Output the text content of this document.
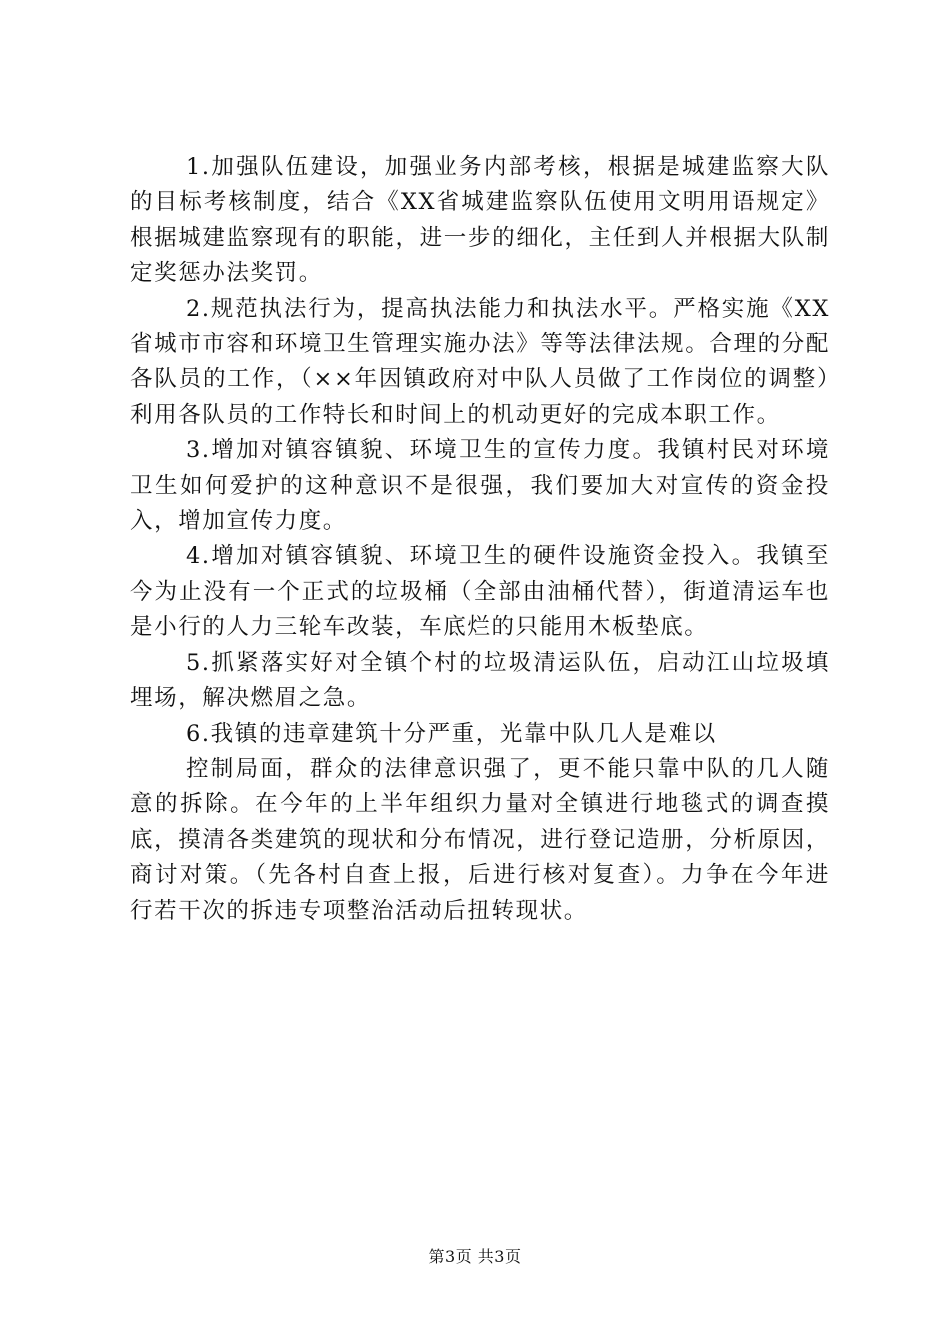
1.加强队伍建设，加强业务内部考核，根据是城建监察大队的目标考核制度，结合《XX省城建监察队伍使用文明用语规定》根据城建监察现有的职能，进一步的细化，主任到人并根据大队制定奖惩办法奖罚。

2.规范执法行为，提高执法能力和执法水平。严格实施《XX省城市市容和环境卫生管理实施办法》等等法律法规。合理的分配各队员的工作，（××年因镇政府对中队人员做了工作岗位的调整）利用各队员的工作特长和时间上的机动更好的完成本职工作。

3.增加对镇容镇貌、环境卫生的宣传力度。我镇村民对环境卫生如何爱护的这种意识不是很强，我们要加大对宣传的资金投入，增加宣传力度。

4.增加对镇容镇貌、环境卫生的硬件设施资金投入。我镇至今为止没有一个正式的垃圾桶（全部由油桶代替），街道清运车也是小行的人力三轮车改装，车底烂的只能用木板垫底。

5.抓紧落实好对全镇个村的垃圾清运队伍，启动江山垃圾填埋场，解决燃眉之急。

6.我镇的违章建筑十分严重，光靠中队几人是难以

控制局面，群众的法律意识强了，更不能只靠中队的几人随意的拆除。在今年的上半年组织力量对全镇进行地毯式的调查摸底，摸清各类建筑的现状和分布情况，进行登记造册，分析原因，商讨对策。（先各村自查上报，后进行核对复查）。力争在今年进行若干次的拆违专项整治活动后扭转现状。

第3页 共3页
